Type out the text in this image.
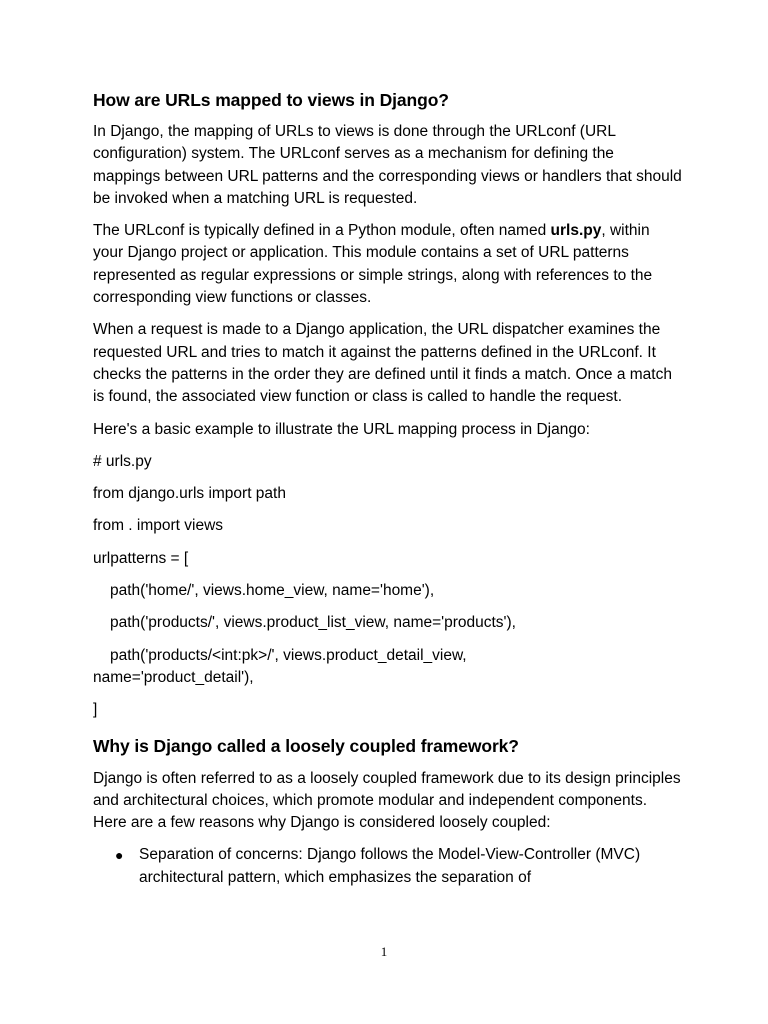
How are URLs mapped to views in Django?

In Django, the mapping of URLs to views is done through the URLconf (URL configuration) system. The URLconf serves as a mechanism for defining the mappings between URL patterns and the corresponding views or handlers that should be invoked when a matching URL is requested.

The URLconf is typically defined in a Python module, often named urls.py, within your Django project or application. This module contains a set of URL patterns represented as regular expressions or simple strings, along with references to the corresponding view functions or classes.

When a request is made to a Django application, the URL dispatcher examines the requested URL and tries to match it against the patterns defined in the URLconf. It checks the patterns in the order they are defined until it finds a match. Once a match is found, the associated view function or class is called to handle the request.

Here's a basic example to illustrate the URL mapping process in Django:

# urls.py
from django.urls import path
from . import views
urlpatterns = [
path('home/', views.home_view, name='home'),
path('products/', views.product_list_view, name='products'),
path('products/<int:pk>/', views.product_detail_view,
name='product_detail'),
]
Why is Django called a loosely coupled framework?

Django is often referred to as a loosely coupled framework due to its design principles and architectural choices, which promote modular and independent components. Here are a few reasons why Django is considered loosely coupled:

● Separation of concerns: Django follows the Model-View-Controller (MVC) architectural pattern, which emphasizes the separation of
1
